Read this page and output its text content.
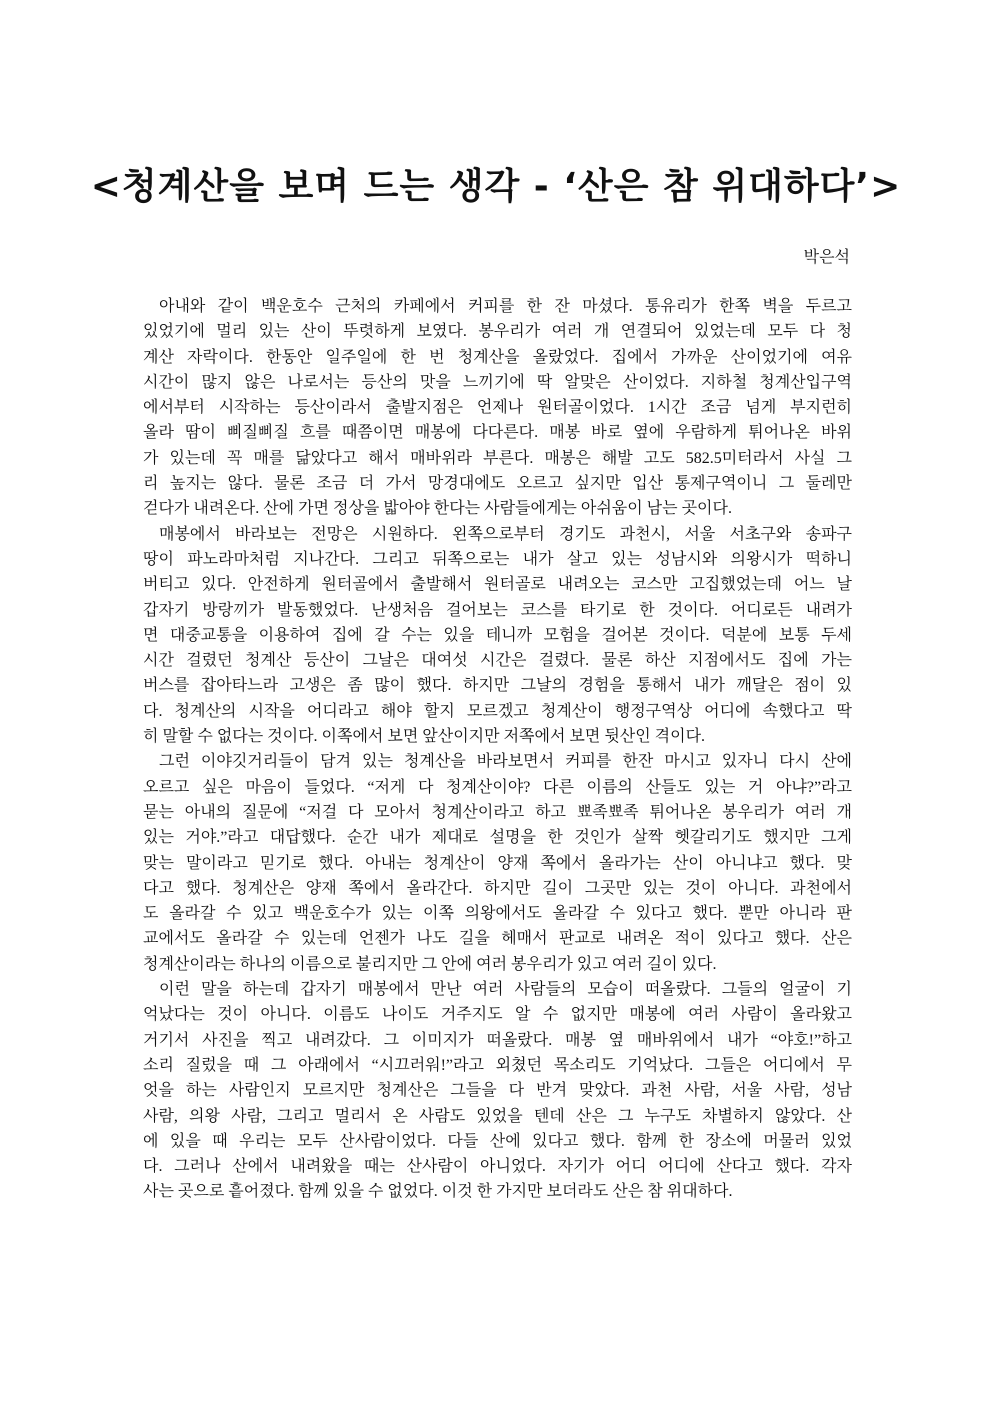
<청계산을 보며 드는 생각 - ‘산은 참 위대하다’>
박은석
아내와 같이 백운호수 근처의 카페에서 커피를 한 잔 마셨다. 통유리가 한쪽 벽을 두르고
있었기에 멀리 있는 산이 뚜렷하게 보였다. 봉우리가 여러 개 연결되어 있었는데 모두 다 청
계산 자락이다. 한동안 일주일에 한 번 청계산을 올랐었다. 집에서 가까운 산이었기에 여유
시간이 많지 않은 나로서는 등산의 맛을 느끼기에 딱 알맞은 산이었다. 지하철 청계산입구역
에서부터 시작하는 등산이라서 출발지점은 언제나 원터골이었다. 1시간 조금 넘게 부지런히
올라 땀이 삐질삐질 흐를 때쯤이면 매봉에 다다른다. 매봉 바로 옆에 우람하게 튀어나온 바위
가 있는데 꼭 매를 닮았다고 해서 매바위라 부른다. 매봉은 해발 고도 582.5미터라서 사실 그
리 높지는 않다. 물론 조금 더 가서 망경대에도 오르고 싶지만 입산 통제구역이니 그 둘레만
걷다가 내려온다. 산에 가면 정상을 밟아야 한다는 사람들에게는 아쉬움이 남는 곳이다.
매봉에서 바라보는 전망은 시원하다. 왼쪽으로부터 경기도 과천시, 서울 서초구와 송파구
땅이 파노라마처럼 지나간다. 그리고 뒤쪽으로는 내가 살고 있는 성남시와 의왕시가 떡하니
버티고 있다. 안전하게 원터골에서 출발해서 원터골로 내려오는 코스만 고집했었는데 어느 날
갑자기 방랑끼가 발동했었다. 난생처음 걸어보는 코스를 타기로 한 것이다. 어디로든 내려가
면 대중교통을 이용하여 집에 갈 수는 있을 테니까 모험을 걸어본 것이다. 덕분에 보통 두세
시간 걸렸던 청계산 등산이 그날은 대여섯 시간은 걸렸다. 물론 하산 지점에서도 집에 가는
버스를 잡아타느라 고생은 좀 많이 했다. 하지만 그날의 경험을 통해서 내가 깨달은 점이 있
다. 청계산의 시작을 어디라고 해야 할지 모르겠고 청계산이 행정구역상 어디에 속했다고 딱
히 말할 수 없다는 것이다. 이쪽에서 보면 앞산이지만 저쪽에서 보면 뒷산인 격이다.
그런 이야깃거리들이 담겨 있는 청계산을 바라보면서 커피를 한잔 마시고 있자니 다시 산에
오르고 싶은 마음이 들었다. “저게 다 청계산이야? 다른 이름의 산들도 있는 거 아냐?”라고
묻는 아내의 질문에 “저걸 다 모아서 청계산이라고 하고 뾰족뾰족 튀어나온 봉우리가 여러 개
있는 거야.”라고 대답했다. 순간 내가 제대로 설명을 한 것인가 살짝 헷갈리기도 했지만 그게
맞는 말이라고 믿기로 했다. 아내는 청계산이 양재 쪽에서 올라가는 산이 아니냐고 했다. 맞
다고 했다. 청계산은 양재 쪽에서 올라간다. 하지만 길이 그곳만 있는 것이 아니다. 과천에서
도 올라갈 수 있고 백운호수가 있는 이쪽 의왕에서도 올라갈 수 있다고 했다. 뿐만 아니라 판
교에서도 올라갈 수 있는데 언젠가 나도 길을 헤매서 판교로 내려온 적이 있다고 했다. 산은
청계산이라는 하나의 이름으로 불리지만 그 안에 여러 봉우리가 있고 여러 길이 있다.
이런 말을 하는데 갑자기 매봉에서 만난 여러 사람들의 모습이 떠올랐다. 그들의 얼굴이 기
억났다는 것이 아니다. 이름도 나이도 거주지도 알 수 없지만 매봉에 여러 사람이 올라왔고
거기서 사진을 찍고 내려갔다. 그 이미지가 떠올랐다. 매봉 옆 매바위에서 내가 “야호!”하고
소리 질렀을 때 그 아래에서 “시끄러워!”라고 외쳤던 목소리도 기억났다. 그들은 어디에서 무
엇을 하는 사람인지 모르지만 청계산은 그들을 다 반겨 맞았다. 과천 사람, 서울 사람, 성남
사람, 의왕 사람, 그리고 멀리서 온 사람도 있었을 텐데 산은 그 누구도 차별하지 않았다. 산
에 있을 때 우리는 모두 산사람이었다. 다들 산에 있다고 했다. 함께 한 장소에 머물러 있었
다. 그러나 산에서 내려왔을 때는 산사람이 아니었다. 자기가 어디 어디에 산다고 했다. 각자
사는 곳으로 흩어졌다. 함께 있을 수 없었다. 이것 한 가지만 보더라도 산은 참 위대하다.
